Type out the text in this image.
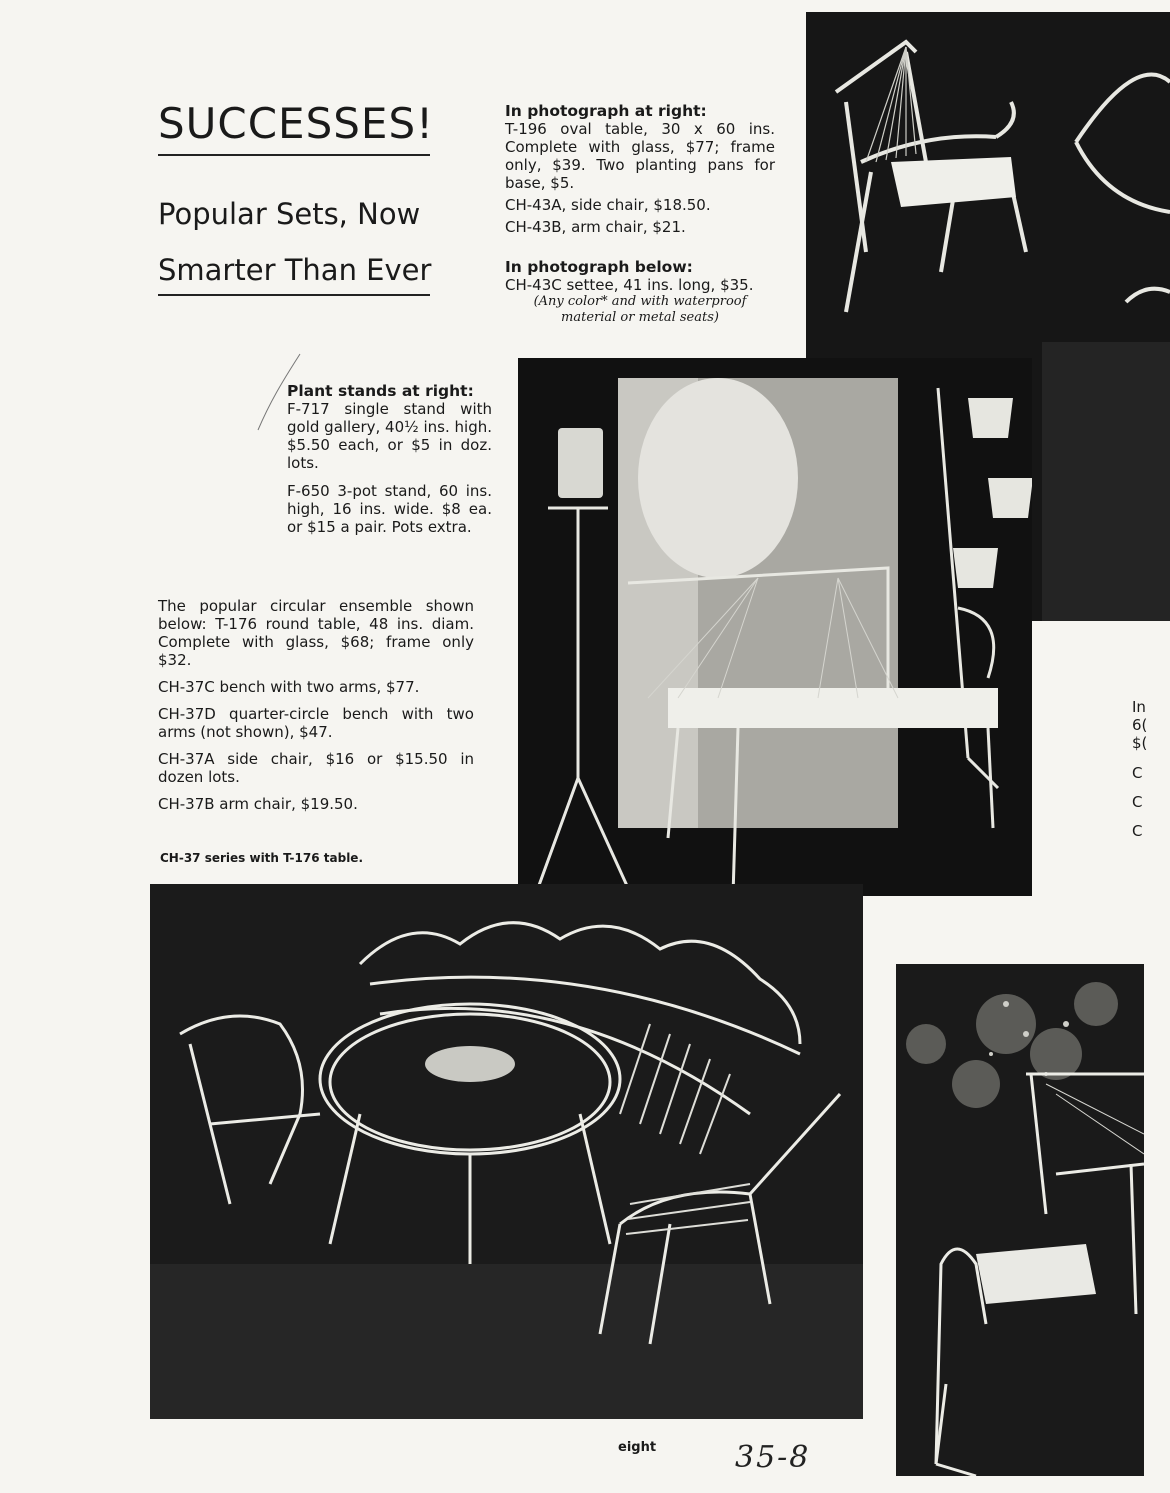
SUCCESSES!
Popular Sets, Now
Smarter Than Ever
In photograph at right:
T-196 oval table, 30 x 60 ins. Complete with glass, $77; frame only, $39. Two planting pans for base, $5.
CH-43A, side chair, $18.50.
CH-43B, arm chair, $21.
In photograph below:
CH-43C settee, 41 ins. long, $35.
(Any color* and with waterproof material or metal seats)
Plant stands at right:
F-717 single stand with gold gallery, 40½ ins. high. $5.50 each, or $5 in doz. lots.
F-650 3-pot stand, 60 ins. high, 16 ins. wide. $8 ea. or $15 a pair. Pots extra.
The popular circular ensemble shown below: T-176 round table, 48 ins. diam. Complete with glass, $68; frame only $32.
CH-37C bench with two arms, $77.
CH-37D quarter-circle bench with two arms (not shown), $47.
CH-37A side chair, $16 or $15.50 in dozen lots.
CH-37B arm chair, $19.50.
CH-37 series with T-176 table.
In
6(
$(
C
C
C
eight	35-8
